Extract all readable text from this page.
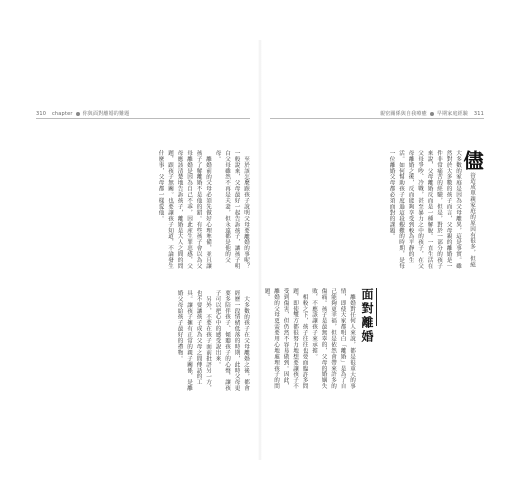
310 chapter 你與面對離婚的難題	親密關係與自我療癒 早期家庭經驗 311

儘管造成單親家庭的原因有很多，但絕大多數的家庭是因為父母離異，這是事實。雖然對於大多數的孩子而言，父母親的離婚是一件非常痛苦的經驗，但是，對於一部分的孩子來說，父母離婚反而是一種解脫。一直生活在父母爭吵、冷戰，甚至暴力之中的孩子，在父母離婚之後，反而能夠享受到較為平靜的生活。如何幫助孩子度過這段艱難的時期，是每一位離婚父母都必須面對的課題。

面對離婚

離婚對任何人來說，都是很重大的事情，即使大家都明白「離婚」是為了自己能夠更幸福，但是依然會帶來許多的傷痛。孩子是最無辜的，父母的婚姻失敗，不應該讓孩子來承擔。

相較之下，孩子往往也要面臨許多問題，即使雙方都很努力地想要讓孩子不受到傷害，但仍然不容易做到。因此，離婚的父母更需要用心地處理孩子的問題。

至於該怎麼跟孩子說明父母要離婚的事呢？一般說來，父母最好一起告訴孩子，讓孩子明白父母雖然不再是夫妻，但永遠都是他的父母。

離婚前的父母必須先做好心理準備，並且讓孩子了解離婚不是他的錯。有些孩子會以為父母離婚是因為自己不乖，因此產生罪惡感，父母應該清楚地告訴孩子，離婚是大人之間的問題，跟孩子無關。也要讓孩子知道，不論發生什麼事，父母都一樣愛他。

大多數的孩子在父母離婚之後，都會經歷一段情緒低落的時期，此時父母更要多陪伴孩子、傾聽孩子的心聲，讓孩子可以把心中的感受說出來。

另外，不要在孩子面前批評另一方，也不要讓孩子成為父母之間傳話的工具。讓孩子擁有正常的親子關係，是離婚父母給孩子最好的禮物。
